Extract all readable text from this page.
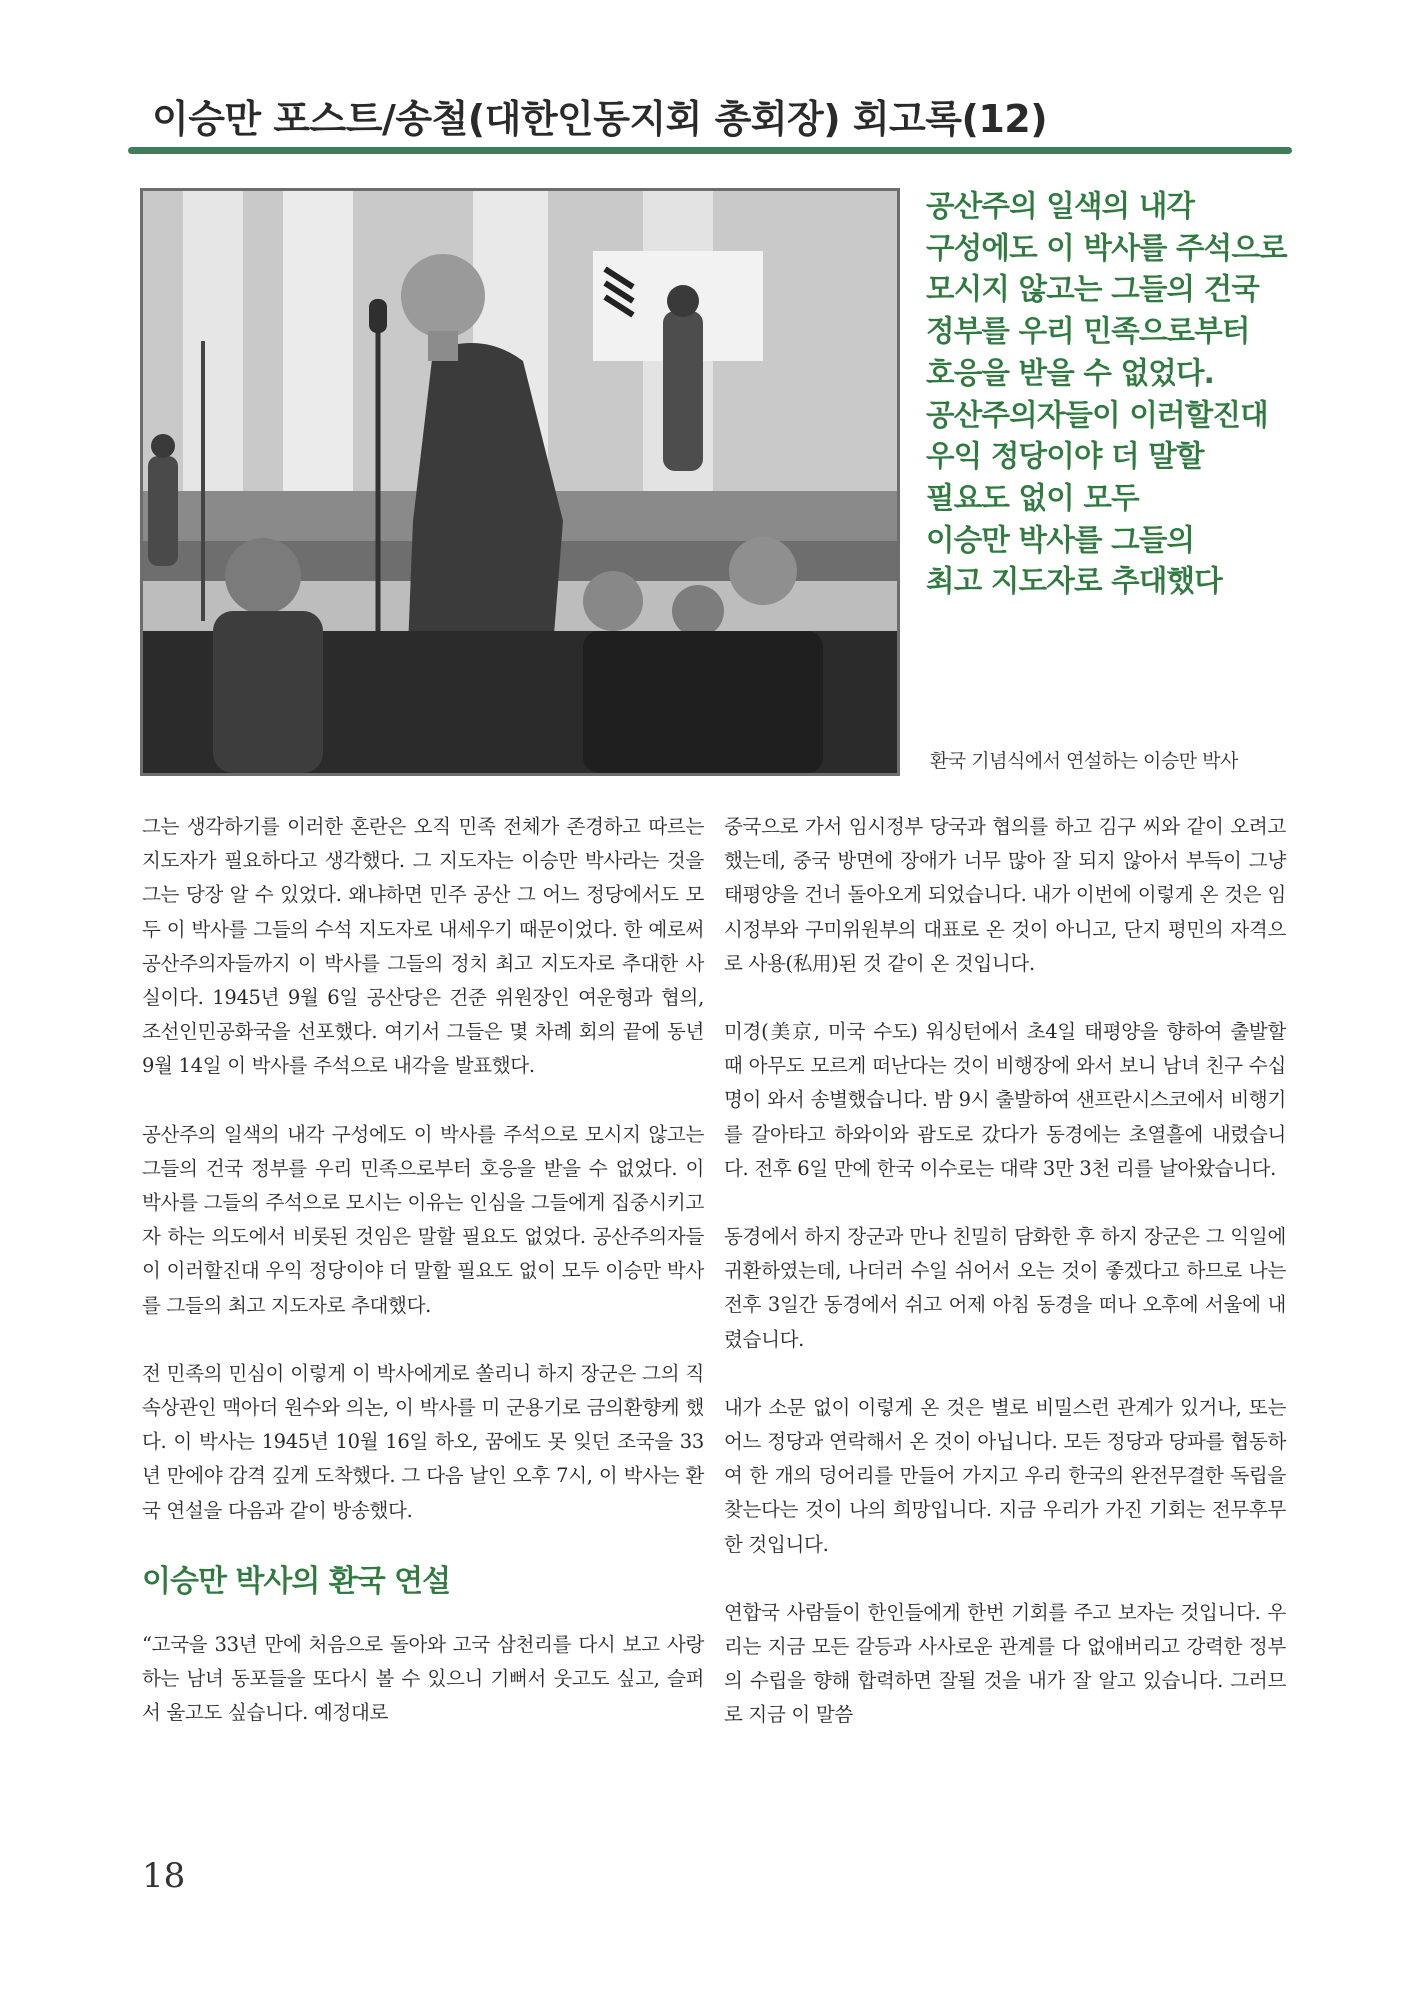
이승만 포스트/송철(대한인동지회 총회장) 회고록(12)
공산주의 일색의 내각
구성에도 이 박사를 주석으로
모시지 않고는 그들의 건국
정부를 우리 민족으로부터
호응을 받을 수 없었다.
공산주의자들이 이러할진대
우익 정당이야 더 말할
필요도 없이 모두
이승만 박사를 그들의
최고 지도자로 추대했다
환국 기념식에서 연설하는 이승만 박사

그는 생각하기를 이러한 혼란은 오직 민족 전체가 존경하고 따르는 지도자가 필요하다고 생각했다. 그 지도자는 이승만 박사라는 것을 그는 당장 알 수 있었다. 왜냐하면 민주 공산 그 어느 정당에서도 모두 이 박사를 그들의 수석 지도자로 내세우기 때문이었다. 한 예로써 공산주의자들까지 이 박사를 그들의 정치 최고 지도자로 추대한 사실이다. 1945년 9월 6일 공산당은 건준 위원장인 여운형과 협의, 조선인민공화국을 선포했다. 여기서 그들은 몇 차례 회의 끝에 동년 9월 14일 이 박사를 주석으로 내각을 발표했다.

공산주의 일색의 내각 구성에도 이 박사를 주석으로 모시지 않고는 그들의 건국 정부를 우리 민족으로부터 호응을 받을 수 없었다. 이 박사를 그들의 주석으로 모시는 이유는 인심을 그들에게 집중시키고자 하는 의도에서 비롯된 것임은 말할 필요도 없었다. 공산주의자들이 이러할진대 우익 정당이야 더 말할 필요도 없이 모두 이승만 박사를 그들의 최고 지도자로 추대했다.

전 민족의 민심이 이렇게 이 박사에게로 쏠리니 하지 장군은 그의 직속상관인 맥아더 원수와 의논, 이 박사를 미 군용기로 금의환향케 했다. 이 박사는 1945년 10월 16일 하오, 꿈에도 못 잊던 조국을 33년 만에야 감격 깊게 도착했다. 그 다음 날인 오후 7시, 이 박사는 환국 연설을 다음과 같이 방송했다.

이승만 박사의 환국 연설

“고국을 33년 만에 처음으로 돌아와 고국 삼천리를 다시 보고 사랑하는 남녀 동포들을 또다시 볼 수 있으니 기뻐서 웃고도 싶고, 슬퍼서 울고도 싶습니다. 예정대로

중국으로 가서 임시정부 당국과 협의를 하고 김구 씨와 같이 오려고 했는데, 중국 방면에 장애가 너무 많아 잘 되지 않아서 부득이 그냥 태평양을 건너 돌아오게 되었습니다. 내가 이번에 이렇게 온 것은 임시정부와 구미위원부의 대표로 온 것이 아니고, 단지 평민의 자격으로 사용(私用)된 것 같이 온 것입니다.

미경(美京, 미국 수도) 워싱턴에서 초4일 태평양을 향하여 출발할 때 아무도 모르게 떠난다는 것이 비행장에 와서 보니 남녀 친구 수십 명이 와서 송별했습니다. 밤 9시 출발하여 샌프란시스코에서 비행기를 갈아타고 하와이와 괌도로 갔다가 동경에는 초열흘에 내렸습니다. 전후 6일 만에 한국 이수로는 대략 3만 3천 리를 날아왔습니다.

동경에서 하지 장군과 만나 친밀히 담화한 후 하지 장군은 그 익일에 귀환하였는데, 나더러 수일 쉬어서 오는 것이 좋겠다고 하므로 나는 전후 3일간 동경에서 쉬고 어제 아침 동경을 떠나 오후에 서울에 내렸습니다.

내가 소문 없이 이렇게 온 것은 별로 비밀스런 관계가 있거나, 또는 어느 정당과 연락해서 온 것이 아닙니다. 모든 정당과 당파를 협동하여 한 개의 덩어리를 만들어 가지고 우리 한국의 완전무결한 독립을 찾는다는 것이 나의 희망입니다. 지금 우리가 가진 기회는 전무후무한 것입니다.

연합국 사람들이 한인들에게 한번 기회를 주고 보자는 것입니다. 우리는 지금 모든 갈등과 사사로운 관계를 다 없애버리고 강력한 정부의 수립을 향해 합력하면 잘될 것을 내가 잘 알고 있습니다. 그러므로 지금 이 말씀

18
